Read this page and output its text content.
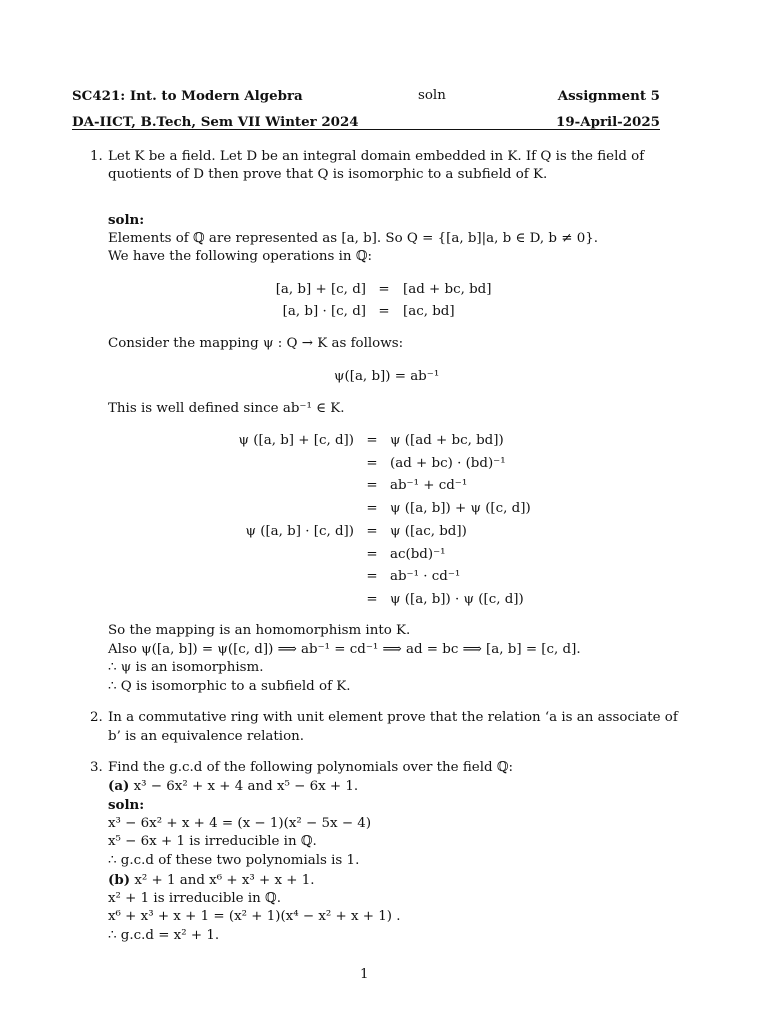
SC421: Int. to Modern Algebra	soln	Assignment 5
DA-IICT, B.Tech, Sem VII Winter 2024	19-April-2025
1. Let K be a field. Let D be an integral domain embedded in K. If Q is the field of
quotients of D then prove that Q is isomorphic to a subfield of K.
soln:
Elements of ℚ are represented as [a, b]. So Q = {[a, b]|a, b ∈ D, b ≠ 0}.
We have the following operations in ℚ:
[a, b] + [c, d] = [ad + bc, bd]
[a, b] · [c, d] = [ac, bd]
Consider the mapping ψ : Q → K as follows:
ψ([a, b]) = ab⁻¹
This is well defined since ab⁻¹ ∈ K.
ψ ([a, b] + [c, d]) = ψ ([ad + bc, bd])
= (ad + bc) · (bd)⁻¹
= ab⁻¹ + cd⁻¹
= ψ ([a, b]) + ψ ([c, d])
ψ ([a, b] · [c, d]) = ψ ([ac, bd])
= ac(bd)⁻¹
= ab⁻¹ · cd⁻¹
= ψ ([a, b]) · ψ ([c, d])
So the mapping is an homomorphism into K.
Also ψ([a, b]) = ψ([c, d]) ⟹ ab⁻¹ = cd⁻¹ ⟹ ad = bc ⟹ [a, b] = [c, d].
∴ ψ is an isomorphism.
∴ Q is isomorphic to a subfield of K.
2. In a commutative ring with unit element prove that the relation ‘a is an associate of
b’ is an equivalence relation.
3. Find the g.c.d of the following polynomials over the field ℚ:
(a) x³ − 6x² + x + 4 and x⁵ − 6x + 1.
soln:
x³ − 6x² + x + 4 = (x − 1)(x² − 5x − 4)
x⁵ − 6x + 1 is irreducible in ℚ.
∴ g.c.d of these two polynomials is 1.
(b) x² + 1 and x⁶ + x³ + x + 1.
x² + 1 is irreducible in ℚ.
x⁶ + x³ + x + 1 = (x² + 1)(x⁴ − x² + x + 1) .
∴ g.c.d = x² + 1.
1
